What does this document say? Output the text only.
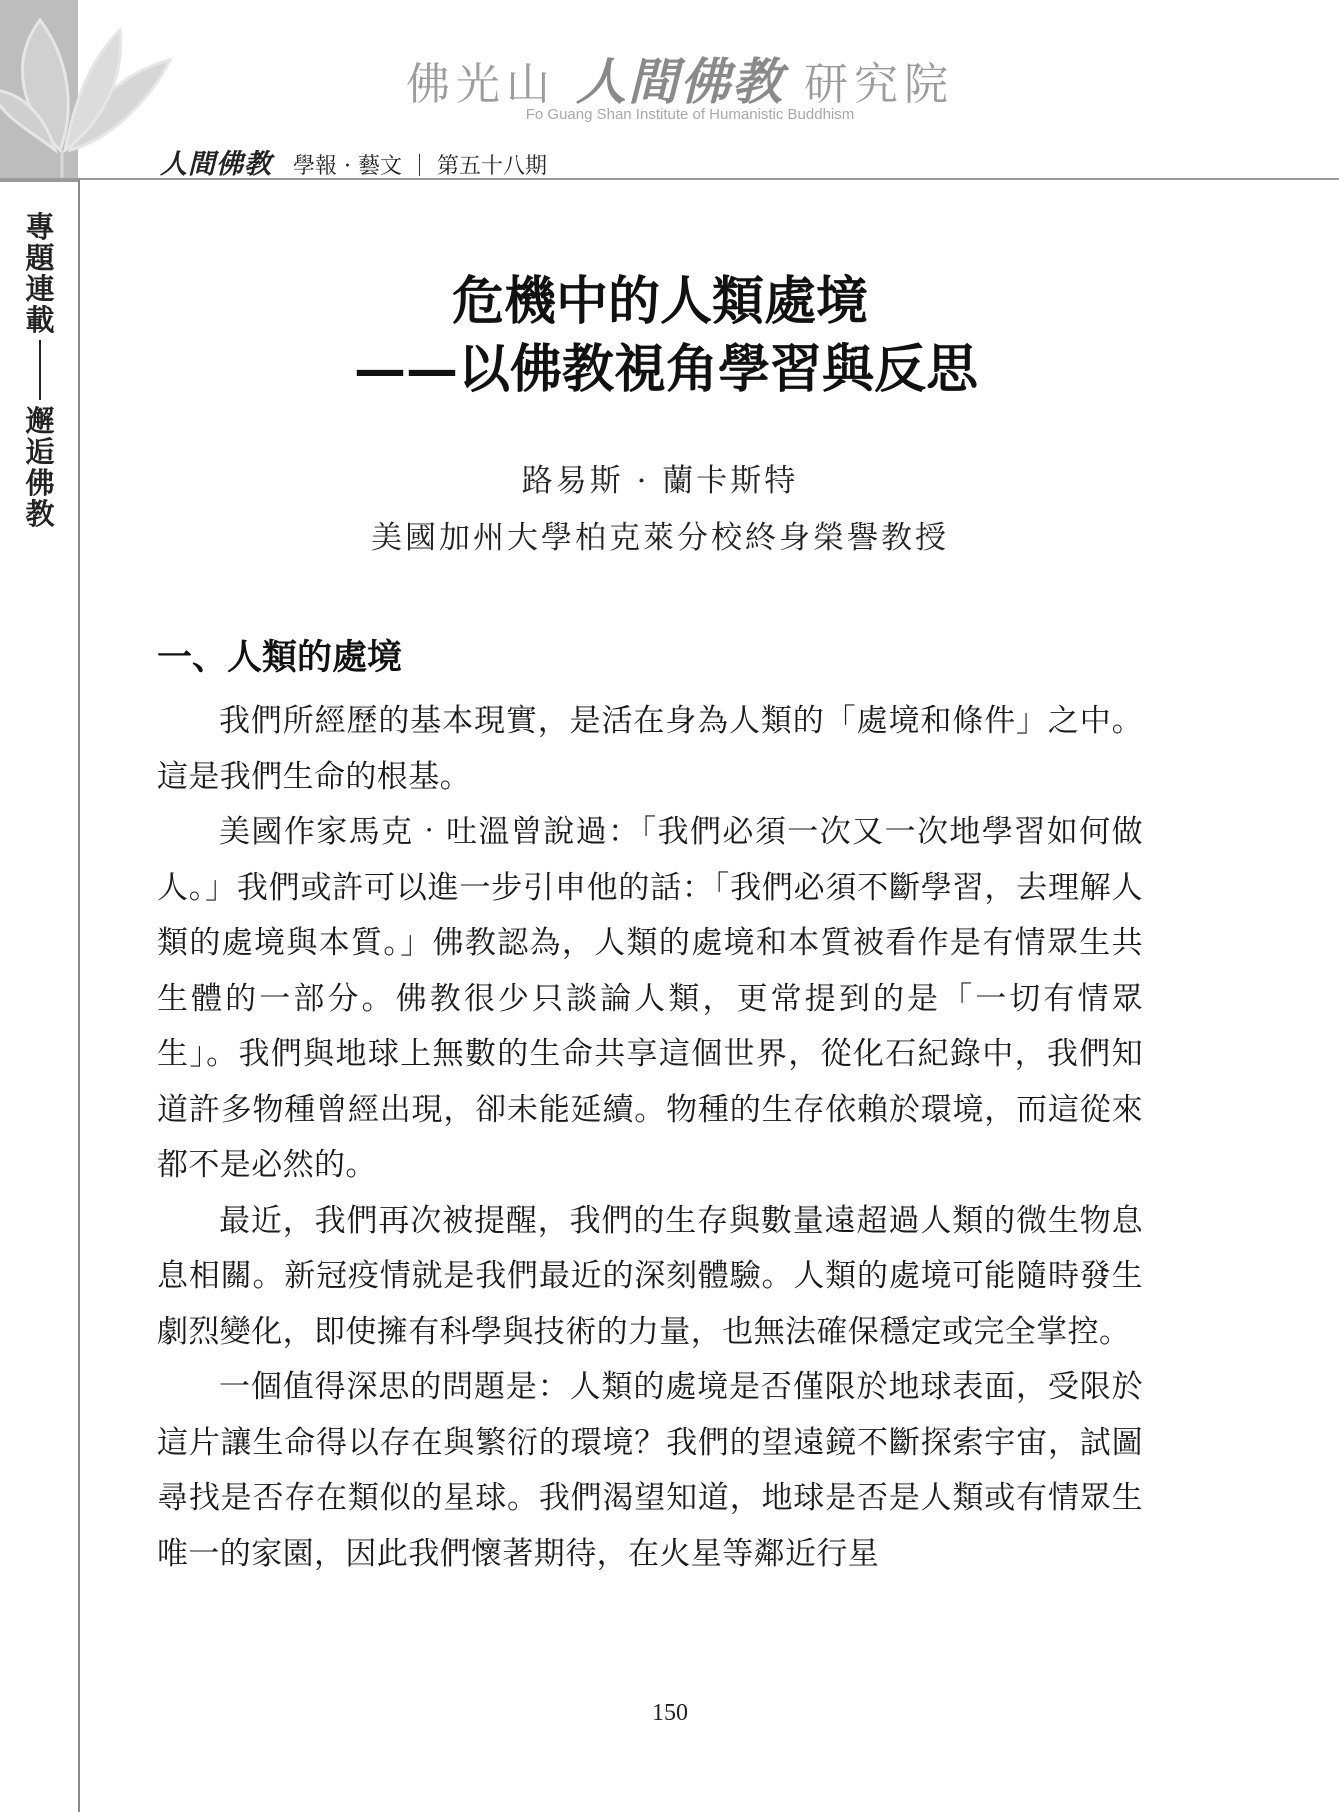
佛光山 人間佛教 研究院
Fo Guang Shan Institute of Humanistic Buddhism
人間佛教 學報 · 藝文 第五十八期
專題連載
邂逅佛教
危機中的人類處境
——以佛教視角學習與反思
路易斯 · 蘭卡斯特
美國加州大學柏克萊分校終身榮譽教授
一、人類的處境

我們所經歷的基本現實，是活在身為人類的「處境和條件」之中。這是我們生命的根基。

美國作家馬克‧吐溫曾說過：「我們必須一次又一次地學習如何做人。」我們或許可以進一步引申他的話：「我們必須不斷學習，去理解人類的處境與本質。」佛教認為，人類的處境和本質被看作是有情眾生共生體的一部分。佛教很少只談論人類，更常提到的是「一切有情眾生」。我們與地球上無數的生命共享這個世界，從化石紀錄中，我們知道許多物種曾經出現，卻未能延續。物種的生存依賴於環境，而這從來都不是必然的。

最近，我們再次被提醒，我們的生存與數量遠超過人類的微生物息息相關。新冠疫情就是我們最近的深刻體驗。人類的處境可能隨時發生劇烈變化，即使擁有科學與技術的力量，也無法確保穩定或完全掌控。

一個值得深思的問題是：人類的處境是否僅限於地球表面，受限於這片讓生命得以存在與繁衍的環境？我們的望遠鏡不斷探索宇宙，試圖尋找是否存在類似的星球。我們渴望知道，地球是否是人類或有情眾生唯一的家園，因此我們懷著期待，在火星等鄰近行星

150
